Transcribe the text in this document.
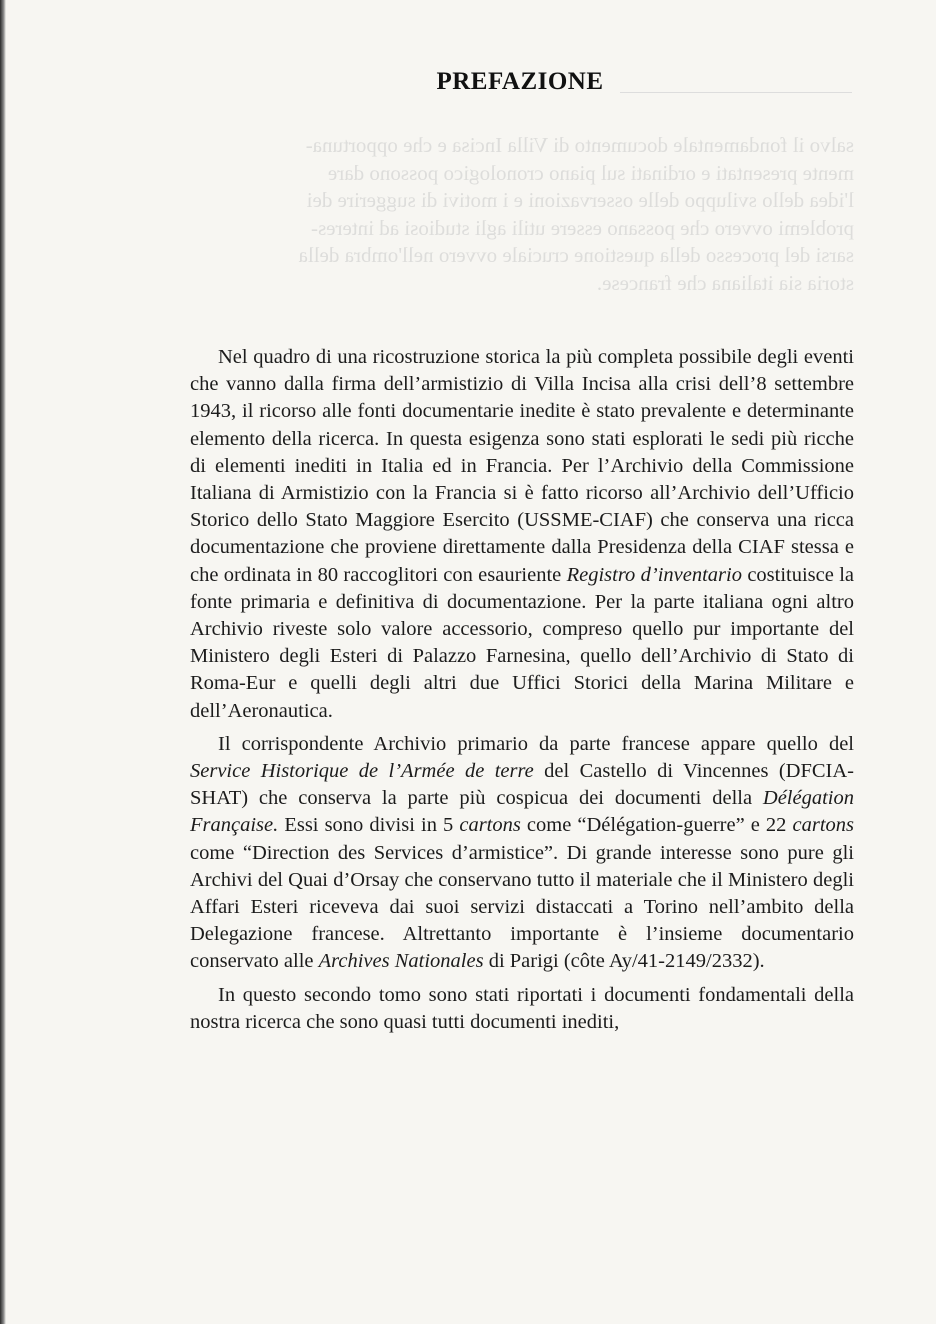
PREFAZIONE

salvo il fondamentale documento di Villa Incisa e che opportuna-

mente presentati e ordinati sul piano cronologico possono dare

l'idea dello sviluppo delle osservazioni e i motivi di suggerire dei

problemi ovvero che possano essere utili agli studiosi ad interes-

sarsi del processo della questione cruciale ovvero nell'ombra della

storia sia italiana che francese.

Nel quadro di una ricostruzione storica la più completa possibile degli eventi che vanno dalla firma dell’armistizio di Villa Incisa alla crisi dell’8 settembre 1943, il ricorso alle fonti documentarie inedite è stato prevalente e determinante elemento della ricerca. In questa esigenza sono stati esplorati le sedi più ricche di elementi inediti in Italia ed in Francia. Per l’Archivio della Commissione Italiana di Armistizio con la Francia si è fatto ricorso all’Archivio dell’Ufficio Storico dello Stato Maggiore Esercito (USSME-CIAF) che conserva una ricca documentazione che proviene direttamente dalla Presidenza della CIAF stessa e che ordinata in 80 raccoglitori con esauriente Registro d’inventario costituisce la fonte primaria e definitiva di documentazione. Per la parte italiana ogni altro Archivio riveste solo valore accessorio, compreso quello pur importante del Ministero degli Esteri di Palazzo Farnesina, quello dell’Archivio di Stato di Roma-Eur e quelli degli altri due Uffici Storici della Marina Militare e dell’Aeronautica.

Il corrispondente Archivio primario da parte francese appare quello del Service Historique de l’Armée de terre del Castello di Vincennes (DFCIA-SHAT) che conserva la parte più cospicua dei documenti della Délégation Française. Essi sono divisi in 5 cartons come “Délégation-guerre” e 22 cartons come “Direction des Services d’armistice”. Di grande interesse sono pure gli Archivi del Quai d’Orsay che conservano tutto il materiale che il Ministero degli Affari Esteri riceveva dai suoi servizi distaccati a Torino nell’ambito della Delegazione francese. Altrettanto importante è l’insieme documentario conservato alle Archives Nationales di Parigi (côte Ay/41-2149/2332).

In questo secondo tomo sono stati riportati i documenti fondamentali della nostra ricerca che sono quasi tutti documenti inediti,
